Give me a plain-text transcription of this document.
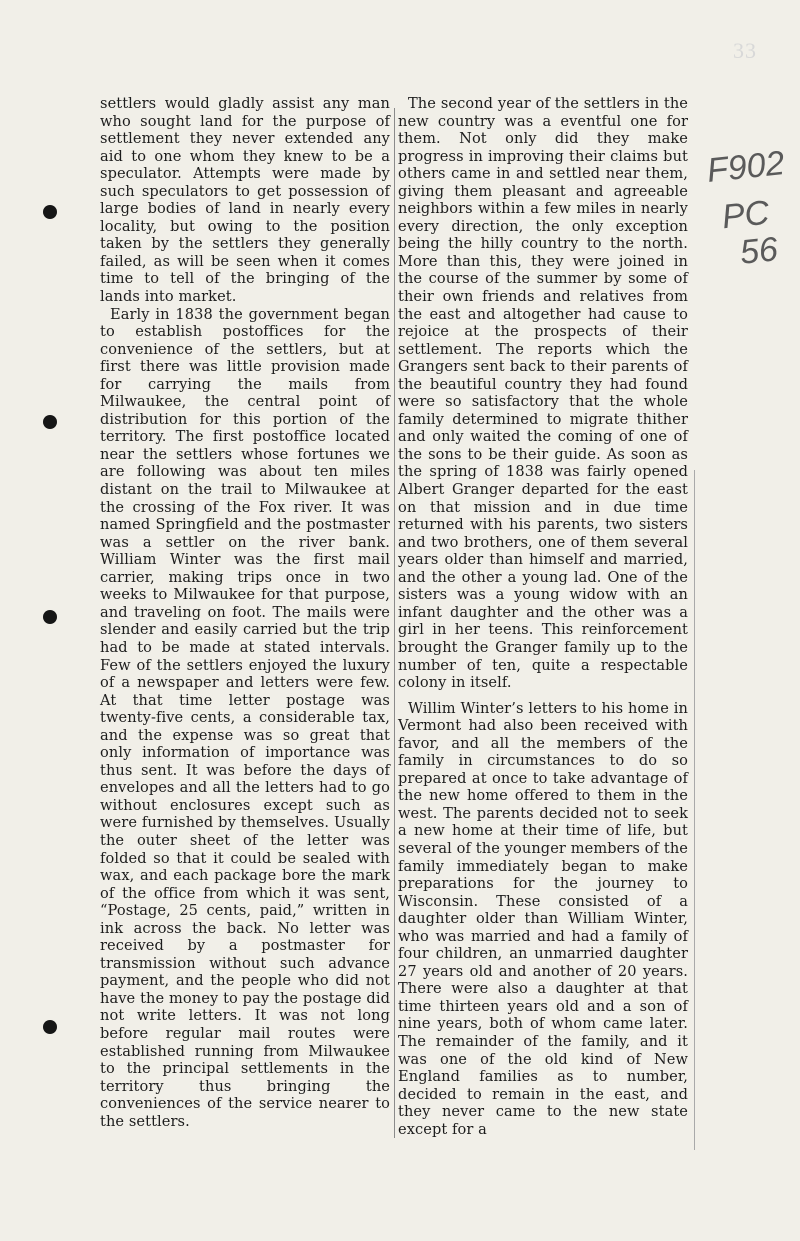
33
F902
PC
56

settlers would gladly assist any man who sought land for the purpose of settlement they never extended any aid to one whom they knew to be a speculator. Attempts were made by such speculators to get possession of large bodies of land in nearly every locality, but owing to the position taken by the settlers they generally failed, as will be seen when it comes time to tell of the bringing of the lands into market.

Early in 1838 the government began to establish postoffices for the convenience of the settlers, but at first there was little provision made for carrying the mails from Milwaukee, the central point of distribution for this portion of the territory. The first postoffice located near the settlers whose fortunes we are following was about ten miles distant on the trail to Milwaukee at the crossing of the Fox river. It was named Springfield and the postmaster was a settler on the river bank. William Winter was the first mail carrier, making trips once in two weeks to Milwaukee for that purpose, and traveling on foot. The mails were slender and easily carried but the trip had to be made at stated intervals. Few of the settlers enjoyed the luxury of a newspaper and letters were few. At that time letter postage was twenty-five cents, a considerable tax, and the expense was so great that only information of importance was thus sent. It was before the days of envelopes and all the letters had to go without enclosures except such as were furnished by themselves. Usually the outer sheet of the letter was folded so that it could be sealed with wax, and each package bore the mark of the office from which it was sent, “Postage, 25 cents, paid,” written in ink across the back. No letter was received by a postmaster for transmission without such advance payment, and the people who did not have the money to pay the postage did not write letters. It was not long before regular mail routes were established running from Milwaukee to the principal settlements in the territory thus bringing the conveniences of the service nearer to the settlers.

The second year of the settlers in the new country was a eventful one for them. Not only did they make progress in improving their claims but others came in and settled near them, giving them pleasant and agreeable neighbors within a few miles in nearly every direction, the only exception being the hilly country to the north. More than this, they were joined in the course of the summer by some of their own friends and relatives from the east and altogether had cause to rejoice at the prospects of their settlement. The reports which the Grangers sent back to their parents of the beautiful country they had found were so satisfactory that the whole family determined to migrate thither and only waited the coming of one of the sons to be their guide. As soon as the spring of 1838 was fairly opened Albert Granger departed for the east on that mission and in due time returned with his parents, two sisters and two brothers, one of them several years older than himself and married, and the other a young lad. One of the sisters was a young widow with an infant daughter and the other was a girl in her teens. This reinforcement brought the Granger family up to the number of ten, quite a respectable colony in itself.

Willim Winter’s letters to his home in Vermont had also been received with favor, and all the members of the family in circumstances to do so prepared at once to take advantage of the new home offered to them in the west. The parents decided not to seek a new home at their time of life, but several of the younger members of the family immediately began to make preparations for the journey to Wisconsin. These consisted of a daughter older than William Winter, who was married and had a family of four children, an unmarried daughter 27 years old and another of 20 years. There were also a daughter at that time thirteen years old and a son of nine years, both of whom came later. The remainder of the family, and it was one of the old kind of New England families as to number, decided to remain in the east, and they never came to the new state except for a
